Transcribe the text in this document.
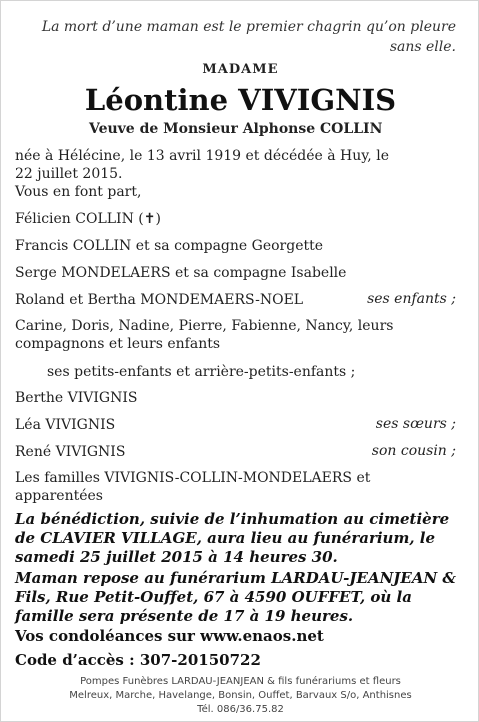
La mort d’une maman est le premier chagrin qu’on pleure sans elle.
MADAME
Léontine VIVIGNIS
Veuve de Monsieur Alphonse COLLIN
née à Hélécine, le 13 avril 1919 et décédée à Huy, le 22 juillet 2015.
Vous en font part,
Félicien COLLIN (✝)
Francis COLLIN et sa compagne Georgette
Serge MONDELAERS et sa compagne Isabelle
Roland et Bertha MONDEMAERS-NOEL	ses enfants ;
Carine, Doris, Nadine, Pierre, Fabienne, Nancy, leurs compagnons et leurs enfants
ses petits-enfants et arrière-petits-enfants ;
Berthe VIVIGNIS
Léa VIVIGNIS	ses sœurs ;
René VIVIGNIS	son cousin ;
Les familles VIVIGNIS-COLLIN-MONDELAERS et apparentées
La bénédiction, suivie de l’inhumation au cimetière de CLAVIER VILLAGE, aura lieu au funérarium, le samedi 25 juillet 2015 à 14 heures 30.
Maman repose au funérarium LARDAU-JEANJEAN & Fils, Rue Petit-Ouffet, 67 à 4590 OUFFET, où la famille sera présente de 17 à 19 heures.
Vos condoléances sur www.enaos.net
Code d’accès : 307-20150722
Pompes Funèbres LARDAU-JEANJEAN & fils funérariums et fleurs
Melreux, Marche, Havelange, Bonsin, Ouffet, Barvaux S/o, Anthisnes
Tél. 086/36.75.82
